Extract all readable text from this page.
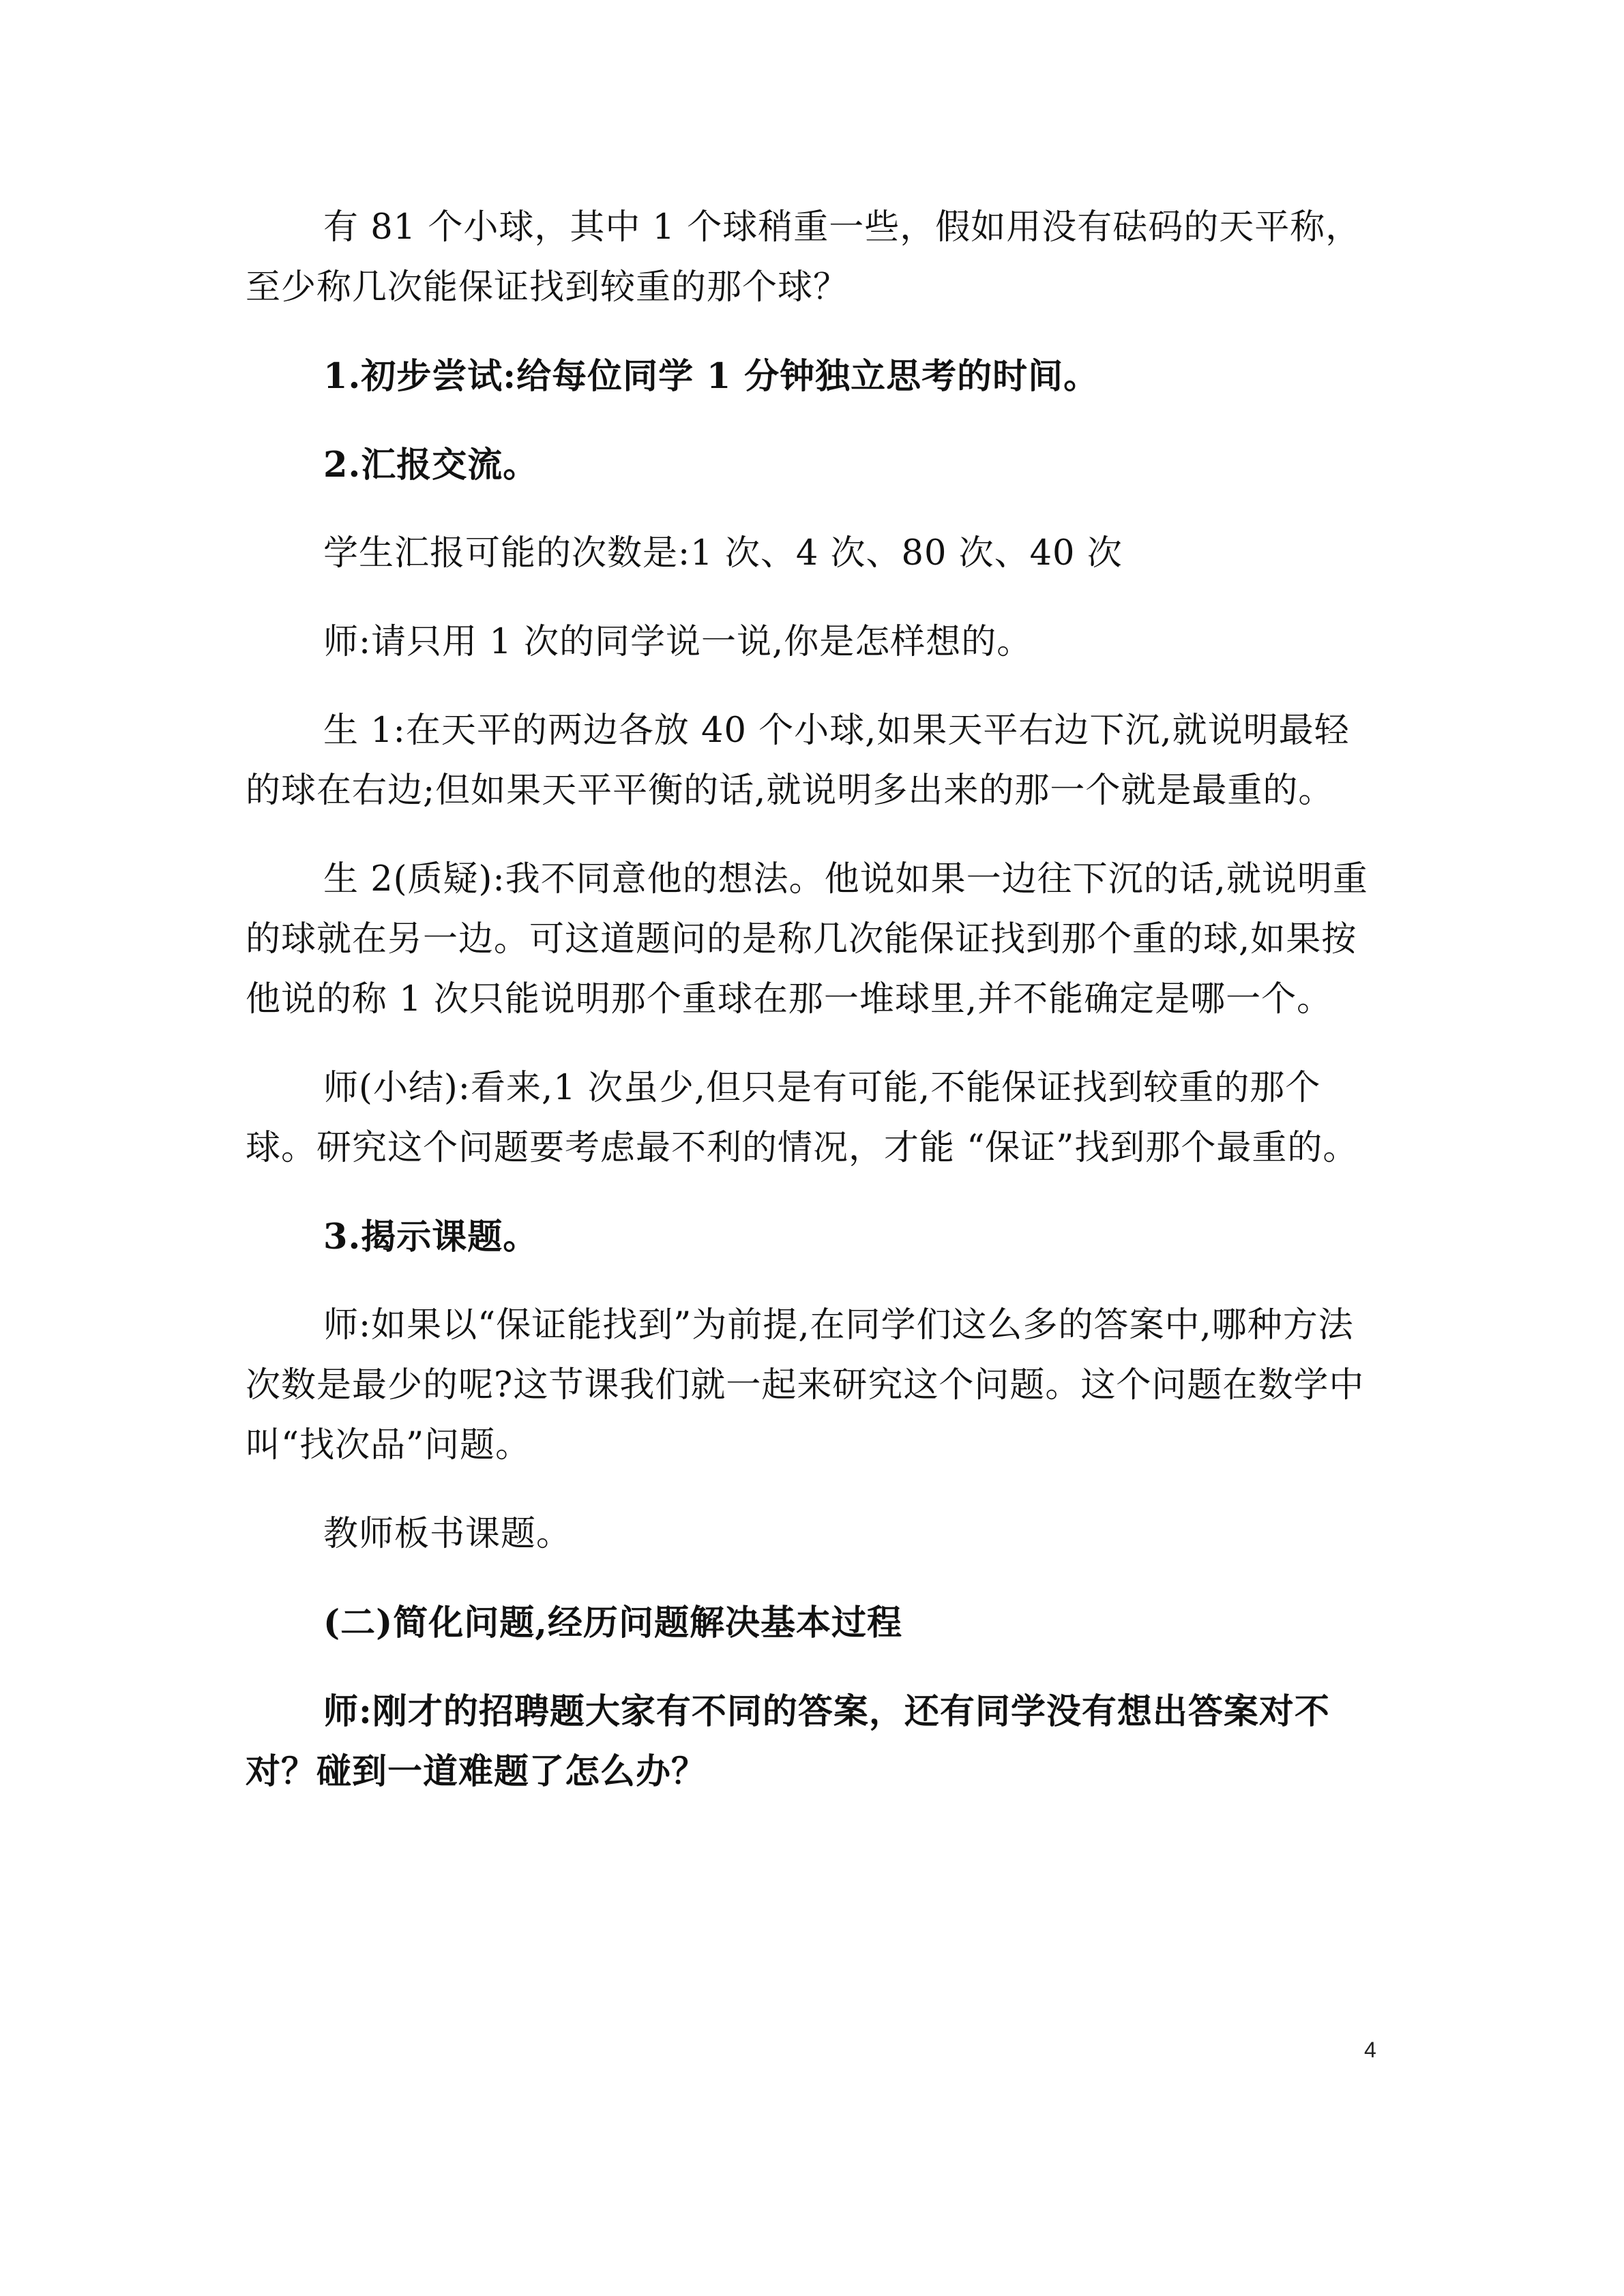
有 81 个小球，其中 1 个球稍重一些，假如用没有砝码的天平称，至少称几次能保证找到较重的那个球？

1.初步尝试:给每位同学 1 分钟独立思考的时间。

2.汇报交流。

学生汇报可能的次数是:1 次、4 次、80 次、40 次

师:请只用 1 次的同学说一说,你是怎样想的。

生 1:在天平的两边各放 40 个小球,如果天平右边下沉,就说明最轻的球在右边;但如果天平平衡的话,就说明多出来的那一个就是最重的。

生 2(质疑):我不同意他的想法。他说如果一边往下沉的话,就说明重的球就在另一边。可这道题问的是称几次能保证找到那个重的球,如果按他说的称 1 次只能说明那个重球在那一堆球里,并不能确定是哪一个。

师(小结):看来,1 次虽少,但只是有可能,不能保证找到较重的那个球。研究这个问题要考虑最不利的情况，才能 “保证”找到那个最重的。

3.揭示课题。

师:如果以“保证能找到”为前提,在同学们这么多的答案中,哪种方法次数是最少的呢?这节课我们就一起来研究这个问题。这个问题在数学中叫“找次品”问题。

教师板书课题。

(二)简化问题,经历问题解决基本过程

师:刚才的招聘题大家有不同的答案，还有同学没有想出答案对不对？碰到一道难题了怎么办？

4
